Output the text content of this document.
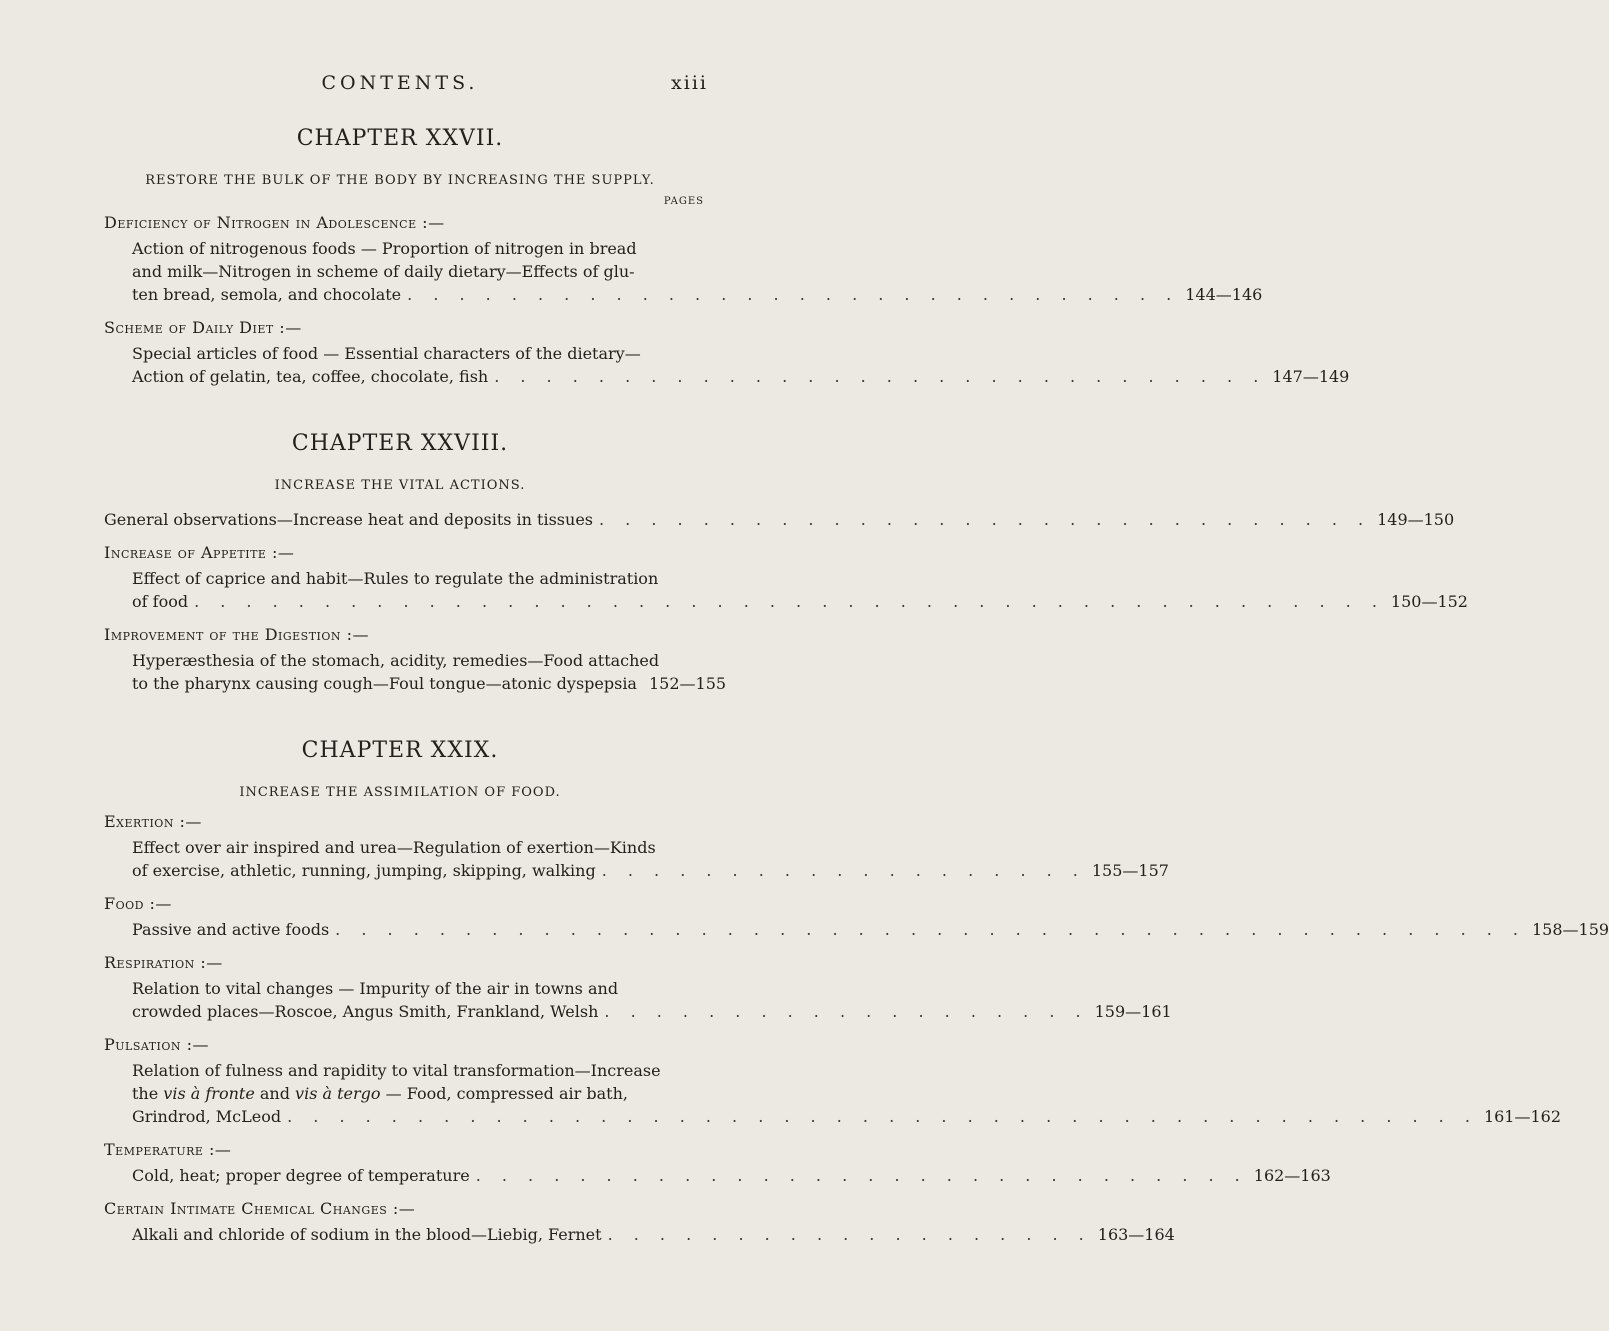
CONTENTS.	xiii
CHAPTER XXVII.
RESTORE THE BULK OF THE BODY BY INCREASING THE SUPPLY.
PAGES
Deficiency of Nitrogen in Adolescence :—
Action of nitrogenous foods — Proportion of nitrogen in bread
and milk—Nitrogen in scheme of daily dietary—Effects of glu-
ten bread, semola, and chocolate . . . . . . . . . . . . . . . . . . . . . . . . . . . . . . 144—146
Scheme of Daily Diet :—
Special articles of food — Essential characters of the dietary—
Action of gelatin, tea, coffee, chocolate, fish . . . . . . . . . . . . . . . . . . . . . . . . . . . . . . 147—149
CHAPTER XXVIII.
INCREASE THE VITAL ACTIONS.
General observations—Increase heat and deposits in tissues . . . . . . . . . . . . . . . . . . . . . . . . . . . . . . 149—150
Increase of Appetite :—
Effect of caprice and habit—Rules to regulate the administration
of food . . . . . . . . . . . . . . . . . . . . . . . . . . . . . . . . . . . . . . . . . . . . . . 150—152
Improvement of the Digestion :—
Hyperæsthesia of the stomach, acidity, remedies—Food attached
to the pharynx causing cough—Foul tongue—atonic dyspepsia 152—155
CHAPTER XXIX.
INCREASE THE ASSIMILATION OF FOOD.
Exertion :—
Effect over air inspired and urea—Regulation of exertion—Kinds
of exercise, athletic, running, jumping, skipping, walking . . . . . . . . . . . . . . . . . . . 155—157
Food :—
Passive and active foods . . . . . . . . . . . . . . . . . . . . . . . . . . . . . . . . . . . . . . . . . . . . . . 158—159
Respiration :—
Relation to vital changes — Impurity of the air in towns and
crowded places—Roscoe, Angus Smith, Frankland, Welsh . . . . . . . . . . . . . . . . . . . 159—161
Pulsation :—
Relation of fulness and rapidity to vital transformation—Increase
the vis à fronte and vis à tergo — Food, compressed air bath,
Grindrod, McLeod . . . . . . . . . . . . . . . . . . . . . . . . . . . . . . . . . . . . . . . . . . . . . . 161—162
Temperature :—
Cold, heat; proper degree of temperature . . . . . . . . . . . . . . . . . . . . . . . . . . . . . . 162—163
Certain Intimate Chemical Changes :—
Alkali and chloride of sodium in the blood—Liebig, Fernet . . . . . . . . . . . . . . . . . . . 163—164
